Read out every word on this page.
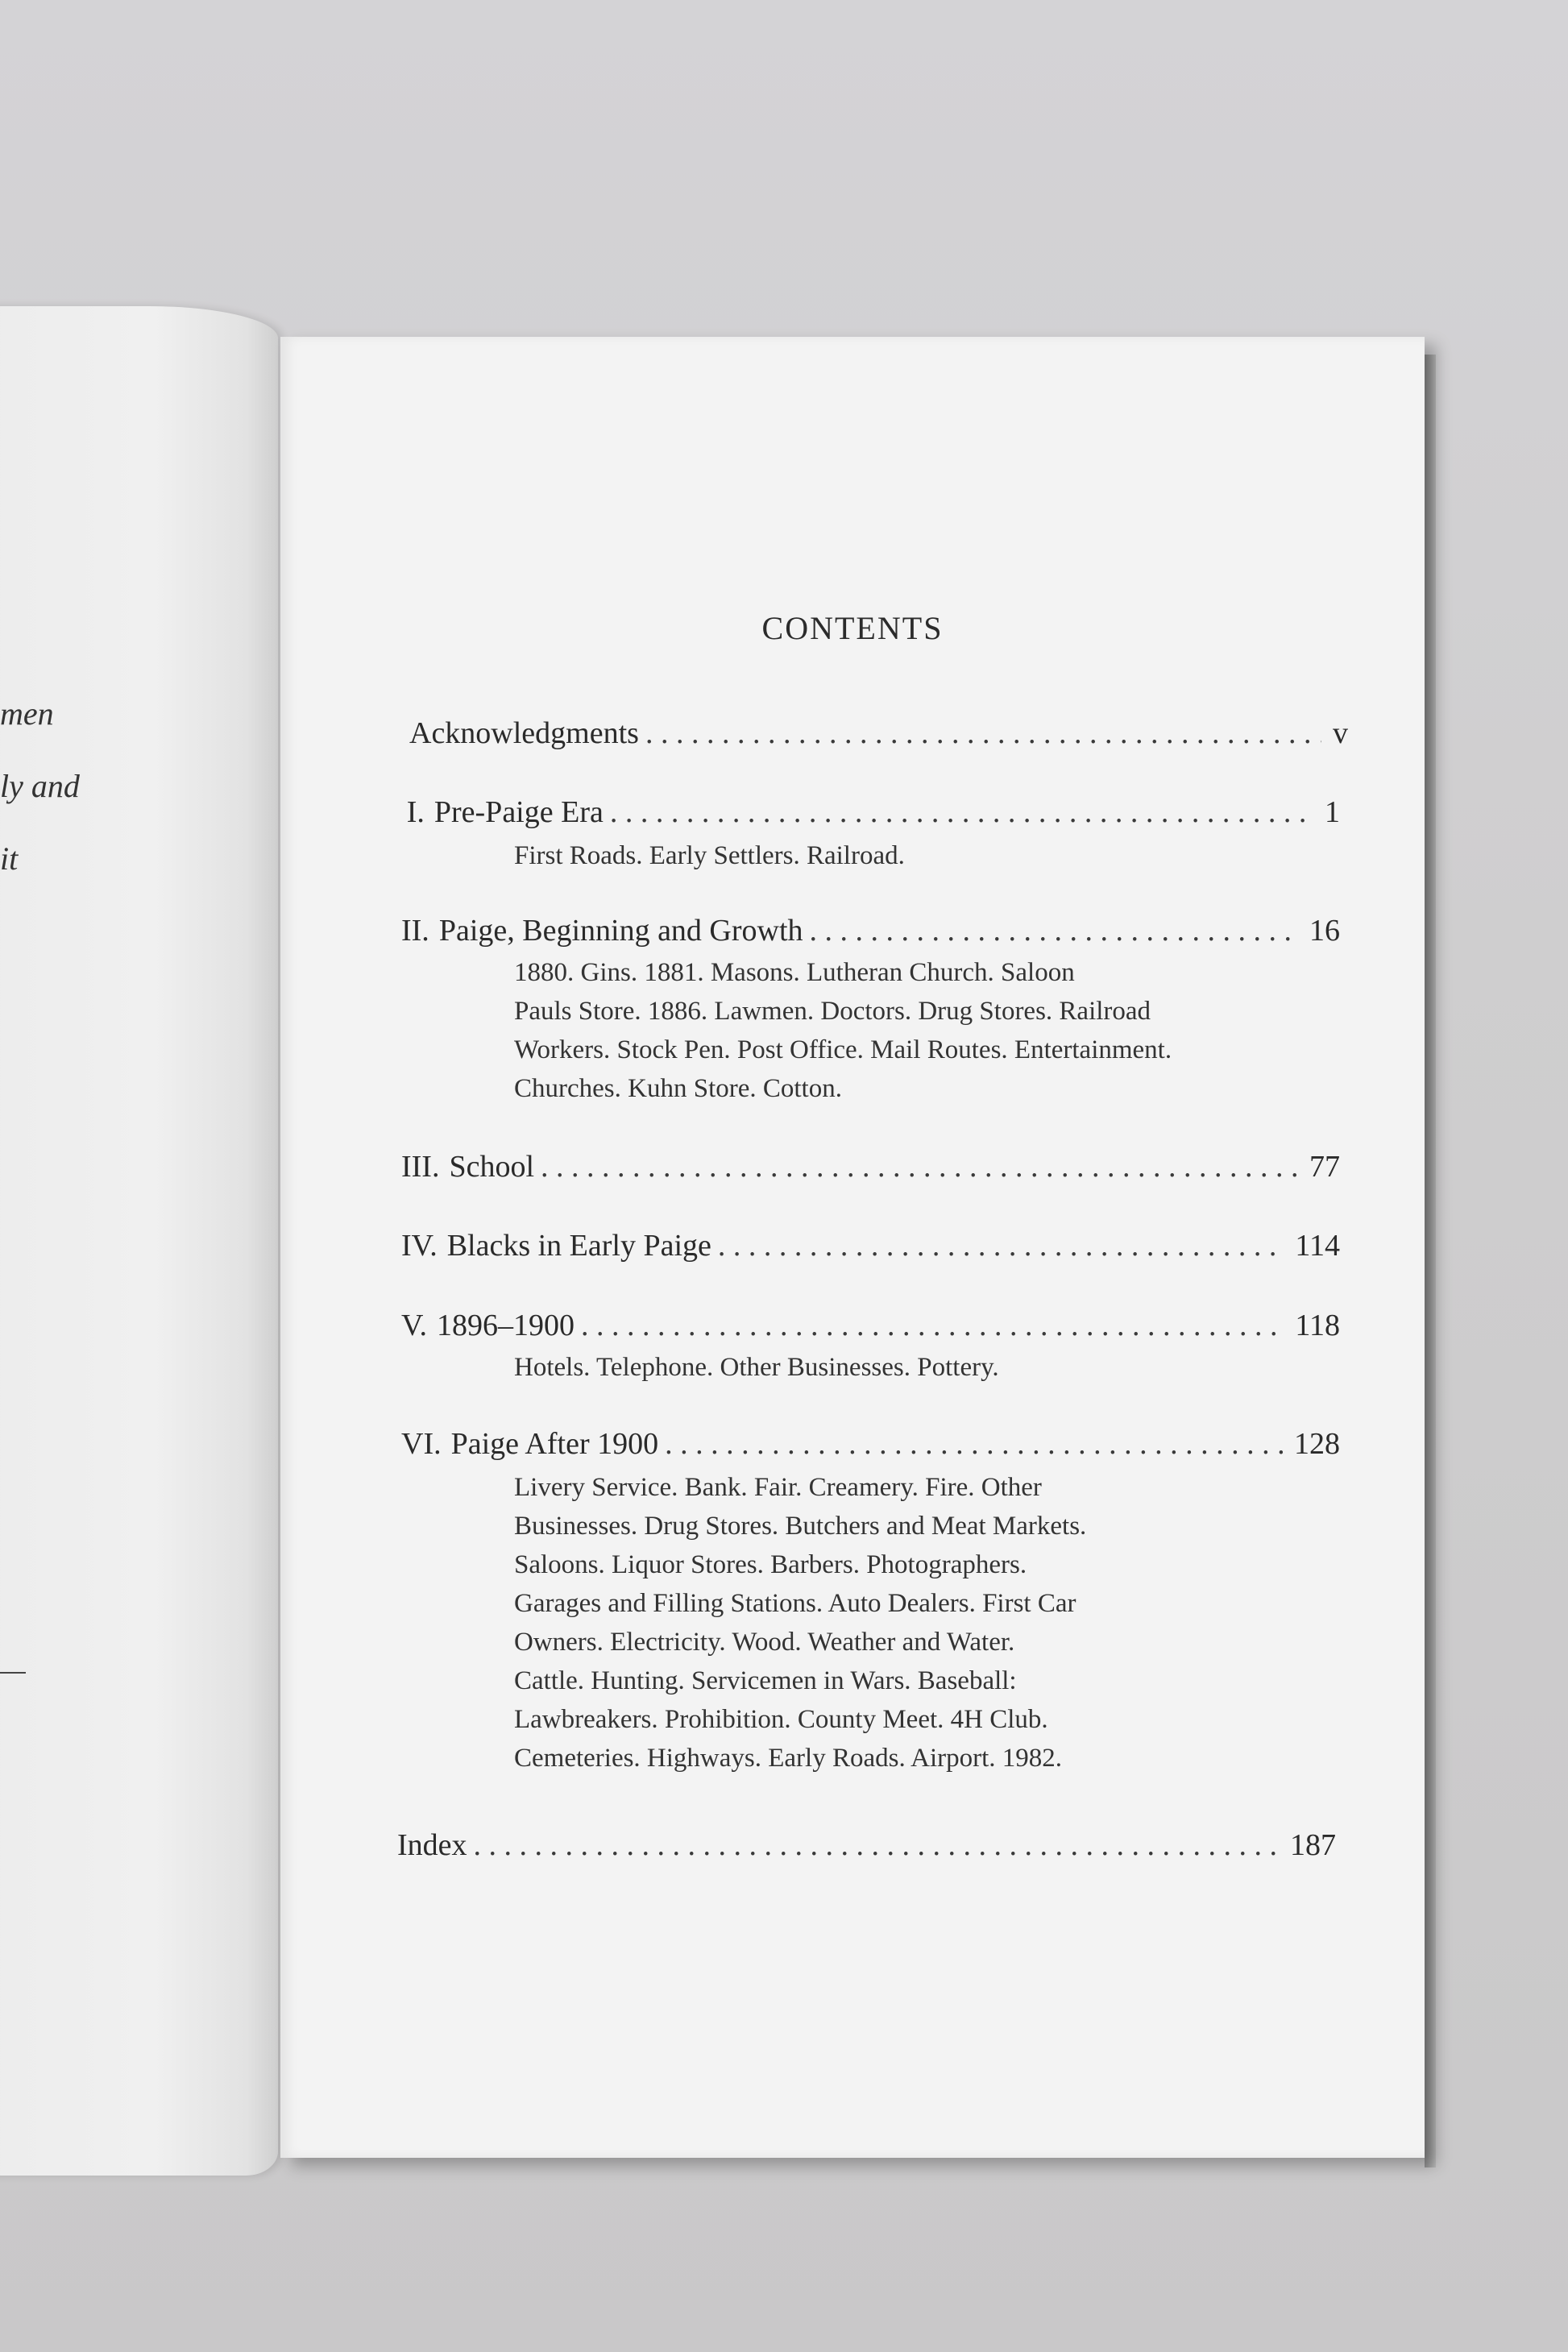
men
ly and
it
CONTENTS
Acknowledgments . . .	v
I. Pre-Paige Era . . .	1
First Roads. Early Settlers. Railroad.
II. Paige, Beginning and Growth . . .	16
1880. Gins. 1881. Masons. Lutheran Church. Saloon
Pauls Store. 1886. Lawmen. Doctors. Drug Stores. Railroad
Workers. Stock Pen. Post Office. Mail Routes. Entertainment.
Churches. Kuhn Store. Cotton.
III. School . . .	77
IV. Blacks in Early Paige . . .	114
V. 1896–1900 . . .	118
Hotels. Telephone. Other Businesses. Pottery.
VI. Paige After 1900 . . .	128
Livery Service. Bank. Fair. Creamery. Fire. Other
Businesses. Drug Stores. Butchers and Meat Markets.
Saloons. Liquor Stores. Barbers. Photographers.
Garages and Filling Stations. Auto Dealers. First Car
Owners. Electricity. Wood. Weather and Water.
Cattle. Hunting. Servicemen in Wars. Baseball:
Lawbreakers. Prohibition. County Meet. 4H Club.
Cemeteries. Highways. Early Roads. Airport. 1982.
Index . . .	187
